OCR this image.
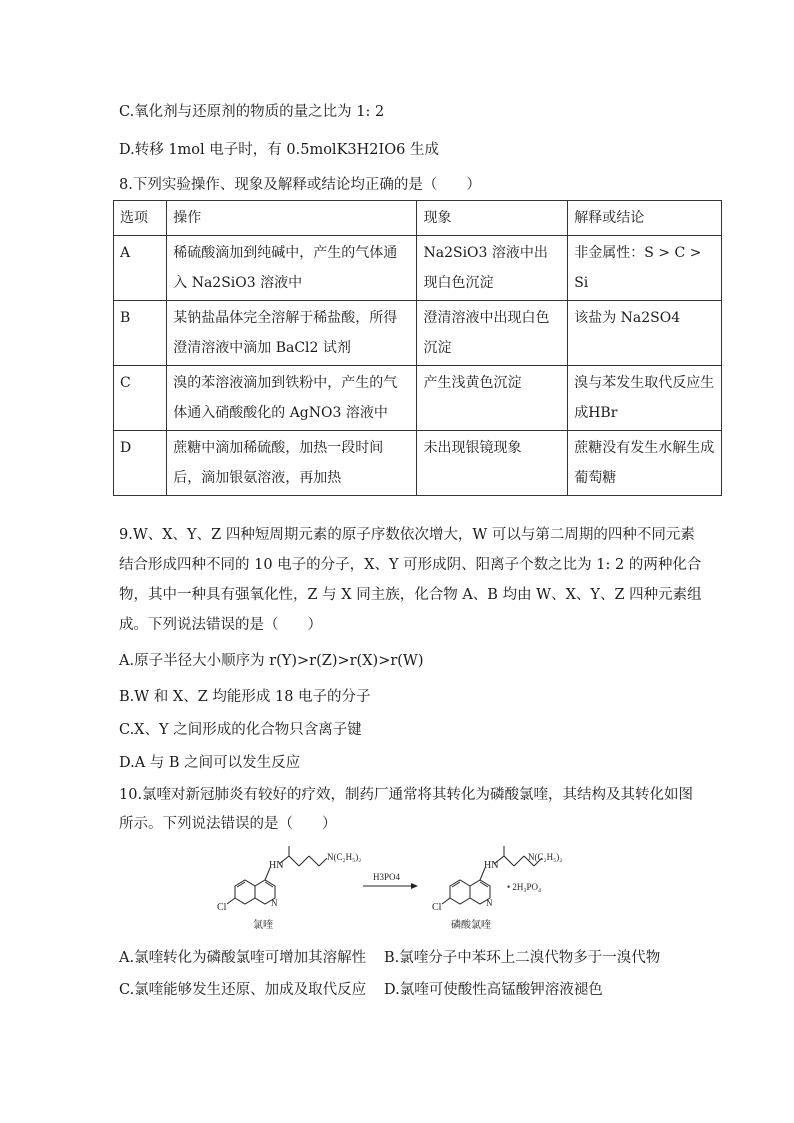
C.氧化剂与还原剂的物质的量之比为 1: 2
D.转移 1mol 电子时，有 0.5molK3H2IO6 生成
8.下列实验操作、现象及解释或结论均正确的是（　　）
选项	操作	现象	解释或结论
A	稀硫酸滴加到纯碱中，产生的气体通入 Na2SiO3 溶液中	Na2SiO3 溶液中出现白色沉淀	非金属性：S > C > Si
B	某钠盐晶体完全溶解于稀盐酸，所得澄清溶液中滴加 BaCl2 试剂	澄清溶液中出现白色沉淀	该盐为 Na2SO4
C	溴的苯溶液滴加到铁粉中，产生的气体通入硝酸酸化的 AgNO3 溶液中	产生浅黄色沉淀	溴与苯发生取代反应生成HBr
D	蔗糖中滴加稀硫酸，加热一段时间后，滴加银氨溶液，再加热	未出现银镜现象	蔗糖没有发生水解生成葡萄糖
9.W、X、Y、Z 四种短周期元素的原子序数依次增大，W 可以与第二周期的四种不同元素
结合形成四种不同的 10 电子的分子，X、Y 可形成阴、阳离子个数之比为 1: 2 的两种化合
物，其中一种具有强氧化性，Z 与 X 同主族，化合物 A、B 均由 W、X、Y、Z 四种元素组
成。下列说法错误的是（　　）
A.原子半径大小顺序为 r(Y)>r(Z)>r(X)>r(W)
B.W 和 X、Z 均能形成 18 电子的分子
C.X、Y 之间形成的化合物只含离子键
D.A 与 B 之间可以发生反应
10.氯喹对新冠肺炎有较好的疗效，制药厂通常将其转化为磷酸氯喹，其结构及其转化如图
所示。下列说法错误的是（　　）
HN
N(C₂H₅)₂
N
Cl
氯喹
H3PO4
HN
N(C₂H₅)₂
N
Cl
• 2H₃PO₄
磷酸氯喹
A.氯喹转化为磷酸氯喹可增加其溶解性 B.氯喹分子中苯环上二溴代物多于一溴代物
C.氯喹能够发生还原、加成及取代反应 D.氯喹可使酸性高锰酸钾溶液褪色
